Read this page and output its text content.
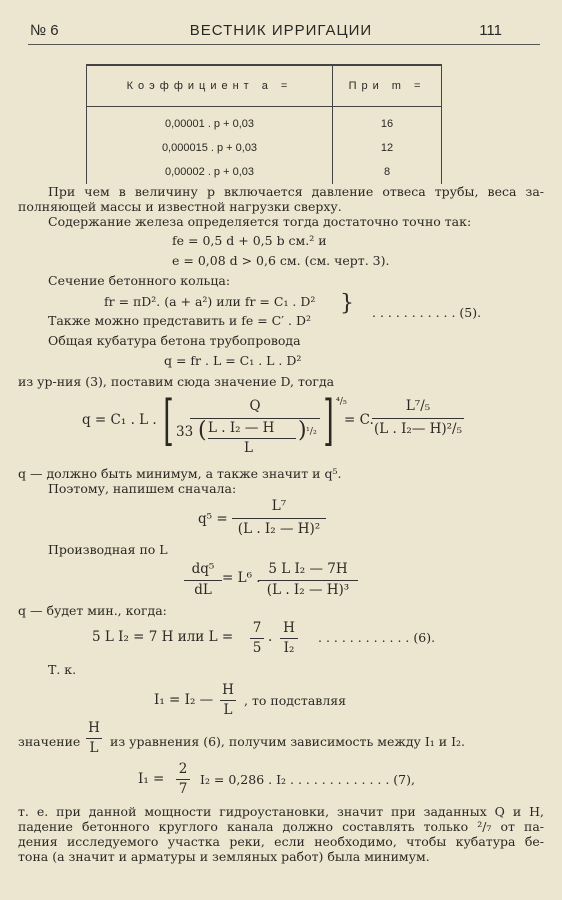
№ 6	ВЕСТНИК ИРРИГАЦИИ	111
Коэффициент a =	При m =
0,00001 . p + 0,03	16
0,000015 . p + 0,03	12
0,00002 . p + 0,03	8
При чем в величину p включается давление отвеса трубы, веса за-
полняющей массы и известной нагрузки сверху.
Содержание железа определяется тогда достаточно точно так:
fe = 0,5 d + 0,5 b см.² и
e = 0,08 d > 0,6 см. (см. черт. 3).
Сечение бетонного кольца:
fr = πD². (a + a²) или fr = C₁ . D² }
Также можно представить и fe = C′ . D²
. . . . . . . . . . . (5).
Общая кубатура бетона трубопровода
q = fr . L = C₁ . L . D²
из ур-ния (3), поставим сюда значение D, тогда
q = C₁ . L . [	Q
33 ( L . I₂ — H
L
) ¹/₂ ] ⁴/₅
= C.
L⁷/₅
(L . I₂— H)²/₅
q — должно быть минимум, а также значит и q⁵.
Поэтому, напишем сначала:
q⁵ =
L⁷
(L . I₂ — H)²
Производная по L
dq⁵
dL
= L⁶ .
5 L I₂ — 7H
(L . I₂ — H)³
q — будет мин., когда:
5 L I₂ = 7 H или L =
7
5
.
H
I₂
. . . . . . . . . . . . (6).
Т. к.
I₁ = I₂ —
H
L
, то подставляя
значение
H
L из уравнения (6), получим зависимость между I₁ и I₂.
I₁ =
2
7
I₂ = 0,286 . I₂ . . . . . . . . . . . . . (7),
т. е. при данной мощности гидроустановки, значит при заданных Q и H,
падение бетонного круглого канала должно составлять только ²/₇ от па-
дения исследуемого участка реки, если необходимо, чтобы кубатура бе-
тона (а значит и арматуры и земляных работ) была минимум.
